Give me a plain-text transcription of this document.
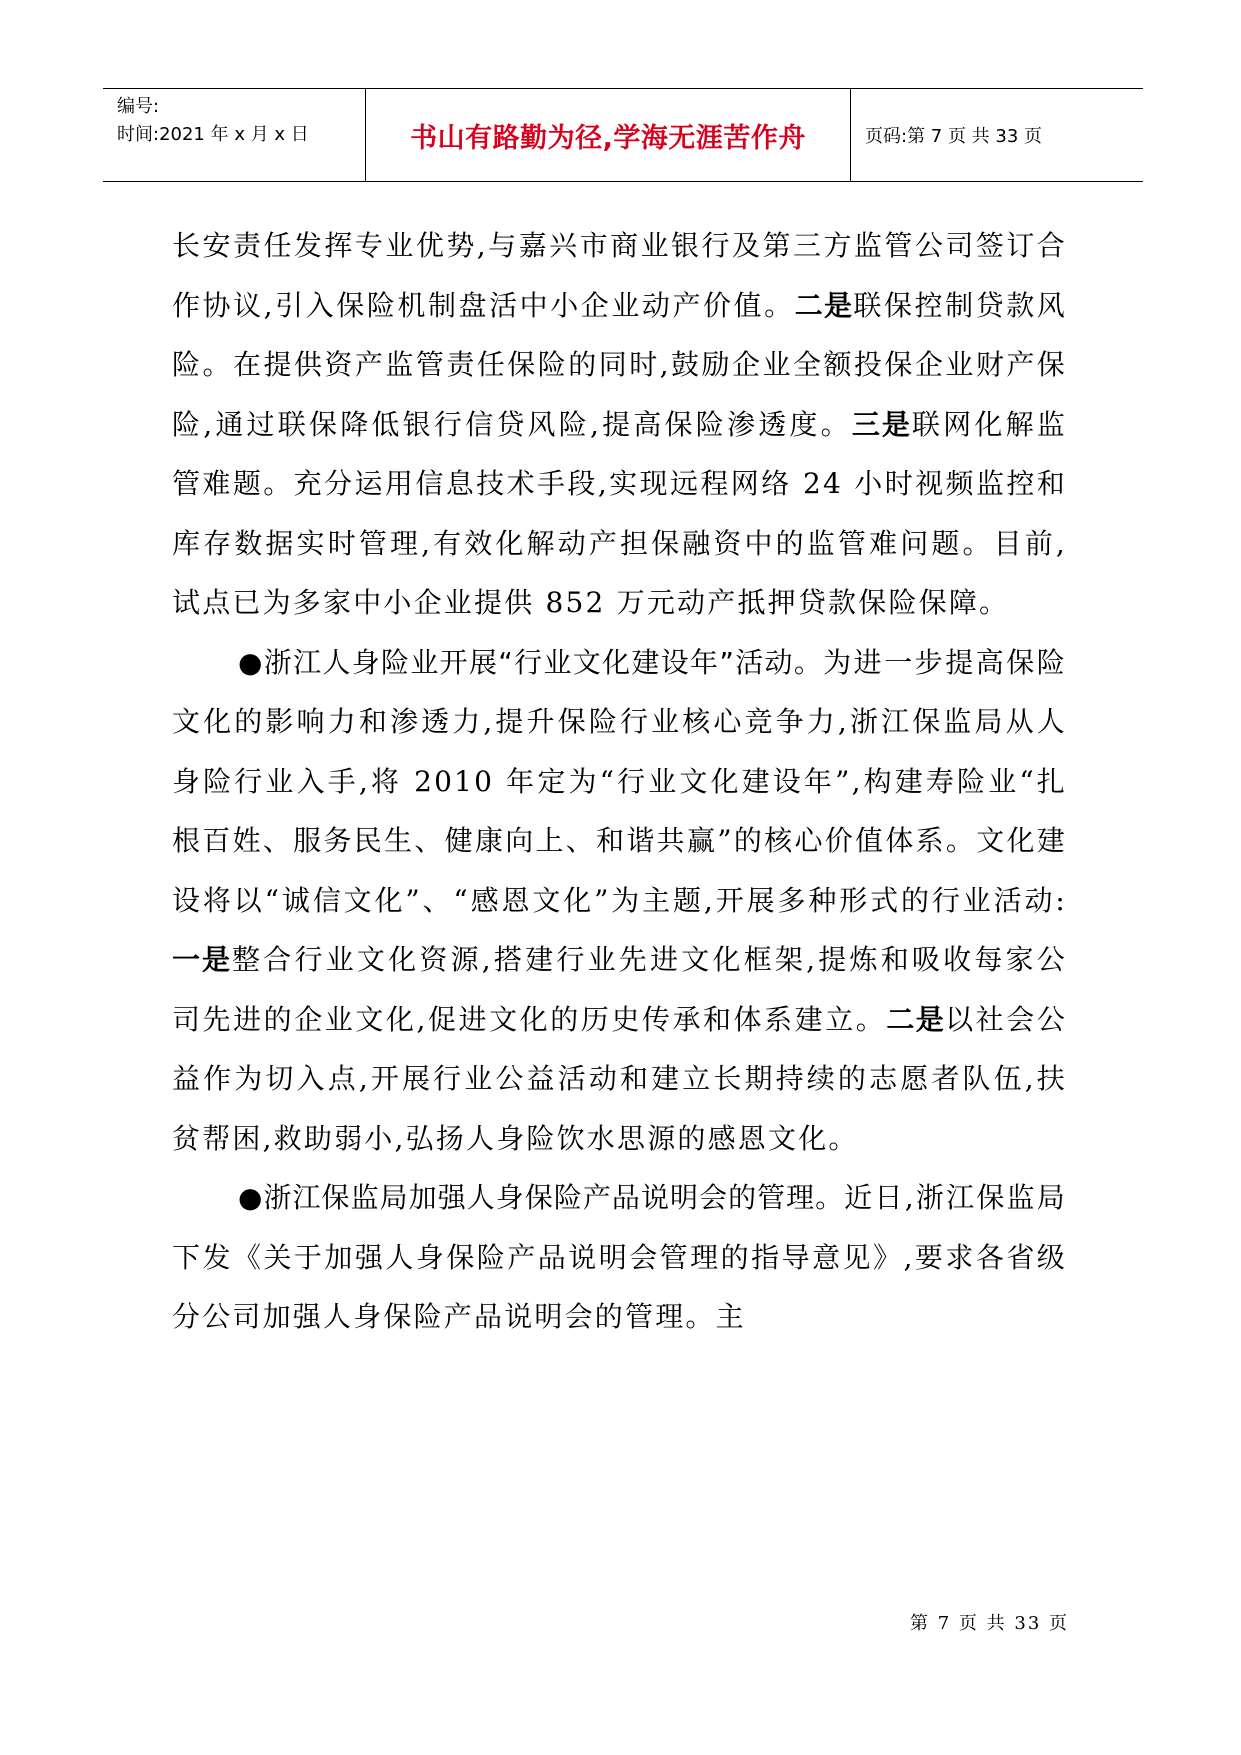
编号:
时间:2021 年 x 月 x 日	书山有路勤为径,学海无涯苦作舟	页码:第 7 页 共 33 页

长安责任发挥专业优势,与嘉兴市商业银行及第三方监管公司签订合作协议,引入保险机制盘活中小企业动产价值。二是联保控制贷款风险。在提供资产监管责任保险的同时,鼓励企业全额投保企业财产保险,通过联保降低银行信贷风险,提高保险渗透度。三是联网化解监管难题。充分运用信息技术手段,实现远程网络 24 小时视频监控和库存数据实时管理,有效化解动产担保融资中的监管难问题。目前,试点已为多家中小企业提供 852 万元动产抵押贷款保险保障。

●浙江人身险业开展“行业文化建设年”活动。为进一步提高保险文化的影响力和渗透力,提升保险行业核心竞争力,浙江保监局从人身险行业入手,将 2010 年定为“行业文化建设年”,构建寿险业“扎根百姓、服务民生、健康向上、和谐共赢”的核心价值体系。文化建设将以“诚信文化”、“感恩文化”为主题,开展多种形式的行业活动:一是整合行业文化资源,搭建行业先进文化框架,提炼和吸收每家公司先进的企业文化,促进文化的历史传承和体系建立。二是以社会公益作为切入点,开展行业公益活动和建立长期持续的志愿者队伍,扶贫帮困,救助弱小,弘扬人身险饮水思源的感恩文化。

●浙江保监局加强人身保险产品说明会的管理。近日,浙江保监局下发《关于加强人身保险产品说明会管理的指导意见》,要求各省级分公司加强人身保险产品说明会的管理。主

第 7 页 共 33 页
